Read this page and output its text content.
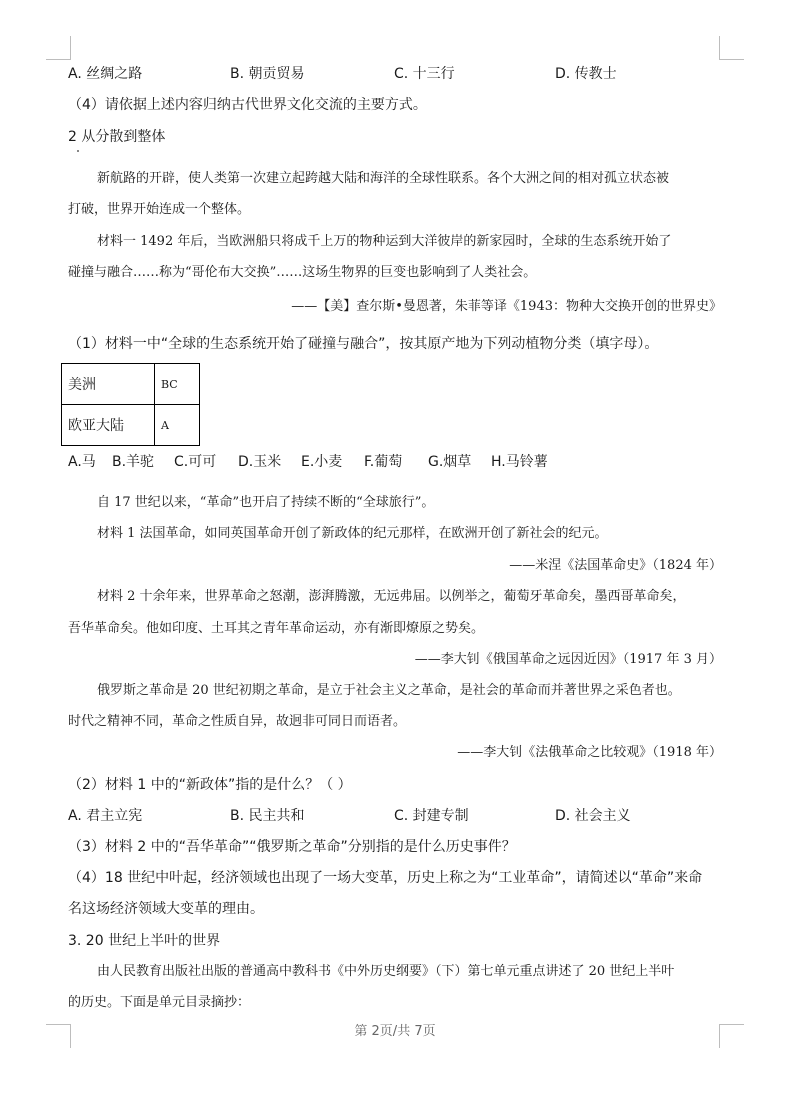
A. 丝绸之路	B. 朝贡贸易	C. 十三行	D. 传教士
（4）请依据上述内容归纳古代世界文化交流的主要方式。
2 从分散到整体
新航路的开辟，使人类第一次建立起跨越大陆和海洋的全球性联系。各个大洲之间的相对孤立状态被
打破，世界开始连成一个整体。
材料一 1492 年后，当欧洲船只将成千上万的物种运到大洋彼岸的新家园时，全球的生态系统开始了
碰撞与融合……称为“哥伦布大交换”……这场生物界的巨变也影响到了人类社会。
——【美】查尔斯•曼恩著，朱菲等译《1943：物种大交换开创的世界史》
（1）材料一中“全球的生态系统开始了碰撞与融合”，按其原产地为下列动植物分类（填字母）。
美洲	BC
欧亚大陆	A
A.马 B.羊驼 C.可可 D.玉米 E.小麦 F.葡萄 G.烟草 H.马铃薯
自 17 世纪以来，“革命”也开启了持续不断的“全球旅行”。
材料 1 法国革命，如同英国革命开创了新政体的纪元那样，在欧洲开创了新社会的纪元。
——米涅《法国革命史》（1824 年）
材料 2 十余年来，世界革命之怒潮，澎湃腾激，无远弗届。以例举之，葡萄牙革命矣，墨西哥革命矣，
吾华革命矣。他如印度、土耳其之青年革命运动，亦有渐即燎原之势矣。
——李大钊《俄国革命之远因近因》（1917 年 3 月）
俄罗斯之革命是 20 世纪初期之革命，是立于社会主义之革命，是社会的革命而并著世界之采色者也。
时代之精神不同，革命之性质自异，故迥非可同日而语者。
——李大钊《法俄革命之比较观》（1918 年）
（2）材料 1 中的“新政体”指的是什么？（ ）
A. 君主立宪	B. 民主共和	C. 封建专制	D. 社会主义
（3）材料 2 中的“吾华革命”“俄罗斯之革命”分别指的是什么历史事件？
（4）18 世纪中叶起，经济领域也出现了一场大变革，历史上称之为“工业革命”，请简述以“革命”来命
名这场经济领域大变革的理由。
3. 20 世纪上半叶的世界
由人民教育出版社出版的普通高中教科书《中外历史纲要》（下）第七单元重点讲述了 20 世纪上半叶
的历史。下面是单元目录摘抄：
第 2页/共 7页
